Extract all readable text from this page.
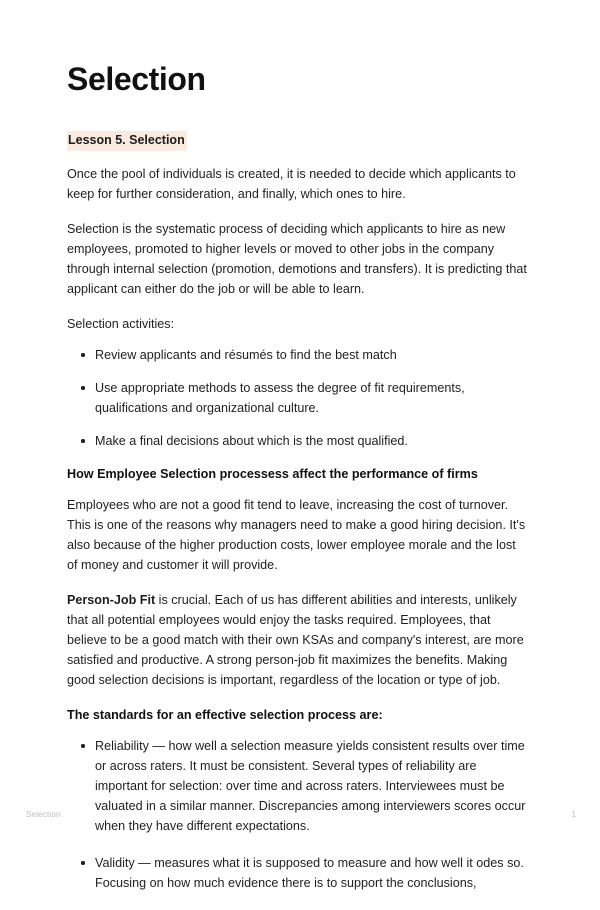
Selection
Lesson 5. Selection

Once the pool of individuals is created, it is needed to decide which applicants to keep for further consideration, and finally, which ones to hire.

Selection is the systematic process of deciding which applicants to hire as new employees, promoted to higher levels or moved to other jobs in the company through internal selection (promotion, demotions and transfers). It is predicting that applicant can either do the job or will be able to learn.

Selection activities:

Review applicants and résumés to find the best match
Use appropriate methods to assess the degree of fit requirements, qualifications and organizational culture.
Make a final decisions about which is the most qualified.

How Employee Selection processess affect the performance of firms

Employees who are not a good fit tend to leave, increasing the cost of turnover. This is one of the reasons why managers need to make a good hiring decision. It's also because of the higher production costs, lower employee morale and the lost of money and customer it will provide.

Person-Job Fit is crucial. Each of us has different abilities and interests, unlikely that all potential employees would enjoy the tasks required. Employees, that believe to be a good match with their own KSAs and company's interest, are more satisfied and productive. A strong person-job fit maximizes the benefits. Making good selection decisions is important, regardless of the location or type of job.

The standards for an effective selection process are:

Reliability — how well a selection measure yields consistent results over time or across raters. It must be consistent. Several types of reliability are important for selection: over time and across raters. Interviewees must be valuated in a similar manner. Discrepancies among interviewers scores occur when they have different expectations.
Validity — measures what it is supposed to measure and how well it odes so. Focusing on how much evidence there is to support the conclusions,
Selection	1
